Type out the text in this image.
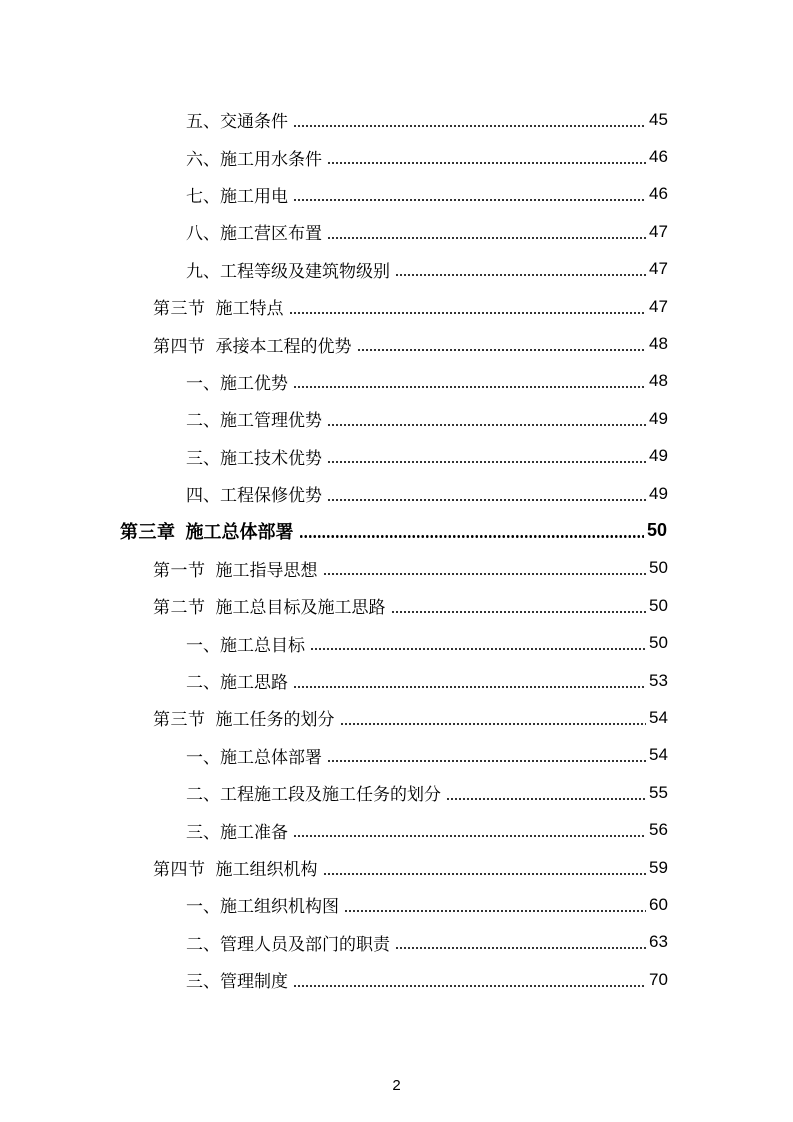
五、交通条件	45
六、施工用水条件	46
七、施工用电	46
八、施工营区布置	47
九、工程等级及建筑物级别	47
第三节 施工特点	47
第四节 承接本工程的优势	48
一、施工优势	48
二、施工管理优势	49
三、施工技术优势	49
四、工程保修优势	49
第三章 施工总体部署	50
第一节 施工指导思想	50
第二节 施工总目标及施工思路	50
一、施工总目标	50
二、施工思路	53
第三节 施工任务的划分	54
一、施工总体部署	54
二、工程施工段及施工任务的划分	55
三、施工准备	56
第四节 施工组织机构	59
一、施工组织机构图	60
二、管理人员及部门的职责	63
三、管理制度	70
2
